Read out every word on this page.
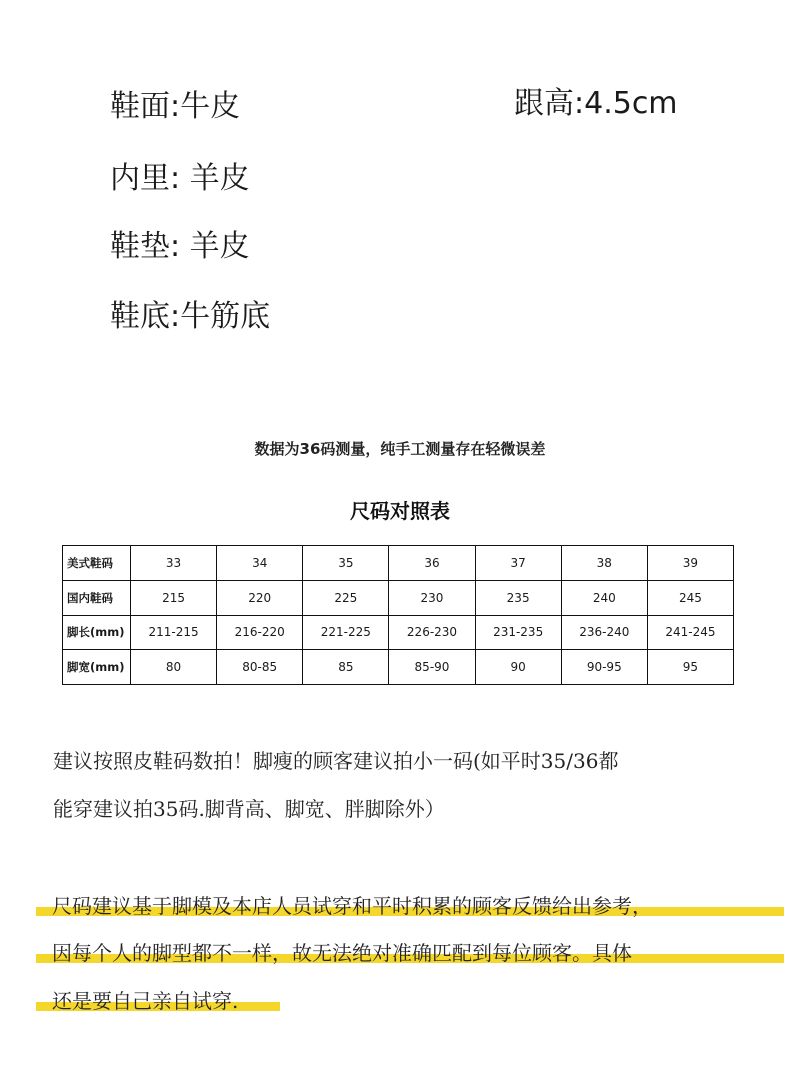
鞋面:牛皮	跟高:4.5cm
内里: 羊皮
鞋垫: 羊皮
鞋底:牛筋底
数据为36码测量，纯手工测量存在轻微误差
尺码对照表
美式鞋码	33	34	35	36	37	38	39
国内鞋码	215	220	225	230	235	240	245
脚长(mm)	211-215	216-220	221-225	226-230	231-235	236-240	241-245
脚宽(mm)	80	80-85	85	85-90	90	90-95	95
建议按照皮鞋码数拍！脚瘦的顾客建议拍小一码(如平时35/36都
能穿建议拍35码.脚背高、脚宽、胖脚除外）
尺码建议基于脚模及本店人员试穿和平时积累的顾客反馈给出参考，
因每个人的脚型都不一样，故无法绝对准确匹配到每位顾客。具体
还是要自己亲自试穿.
